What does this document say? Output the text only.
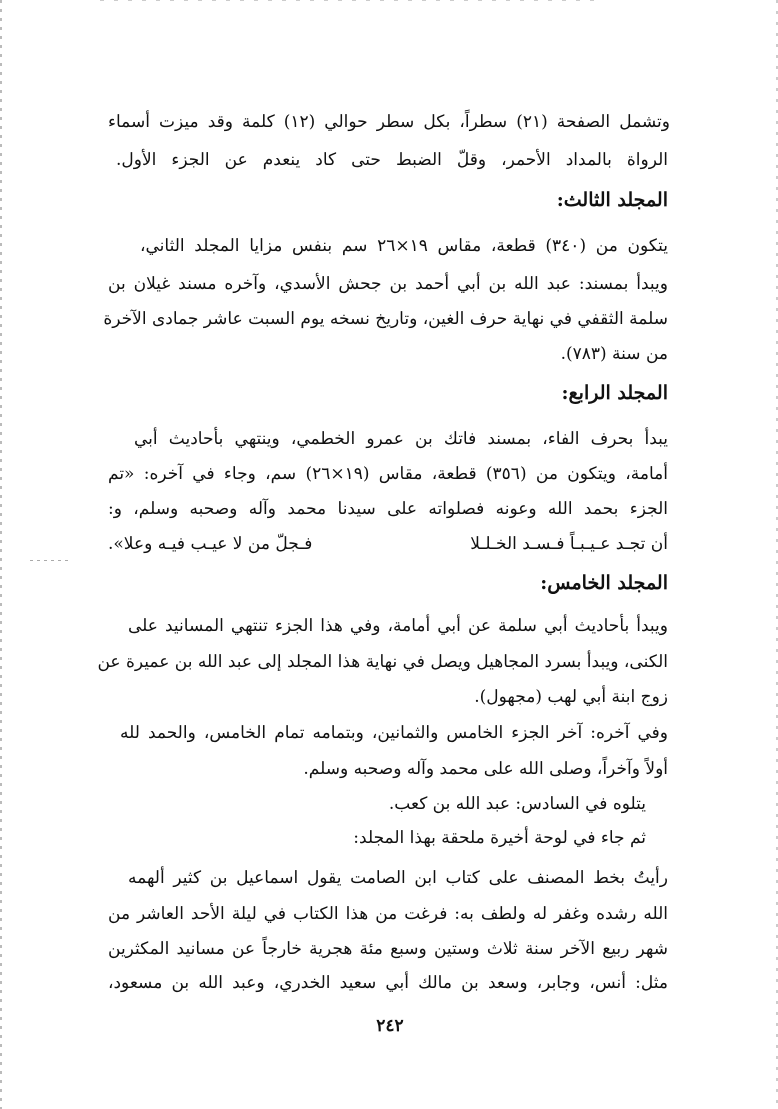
وتشمل الصفحة (٢١) سطراً، بكل سطر حوالي (١٢) كلمة وقد ميزت أسماء
الرواة بالمداد الأحمر، وقلّ الضبط حتى كاد ينعدم عن الجزء الأول.
المجلد الثالث:
يتكون من (٣٤٠) قطعة، مقاس ١٩×٢٦ سم بنفس مزايا المجلد الثاني،
ويبدأ بمسند: عبد الله بن أبي أحمد بن جحش الأسدي، وآخره مسند غيلان بن
سلمة الثقفي في نهاية حرف الغين، وتاريخ نسخه يوم السبت عاشر جمادى الآخرة
من سنة (٧٨٣).
المجلد الرابع:
يبدأ بحرف الفاء، بمسند فاتك بن عمرو الخطمي، وينتهي بأحاديث أبي
أمامة، ويتكون من (٣٥٦) قطعة، مقاس (١٩×٢٦) سم، وجاء في آخره: «تم
الجزء بحمد الله وعونه فصلواته على سيدنا محمد وآله وصحبه وسلم، و:
أن تجـد عـيـبـاً فـسـد الخـلـلا
فـجلّ من لا عيـب فيـه وعلا».
المجلد الخامس:
ويبدأ بأحاديث أبي سلمة عن أبي أمامة، وفي هذا الجزء تنتهي المسانيد على
الكنى، ويبدأ بسرد المجاهيل ويصل في نهاية هذا المجلد إلى عبد الله بن عميرة عن
زوج ابنة أبي لهب (مجهول).
وفي آخره: آخر الجزء الخامس والثمانين، وبتمامه تمام الخامس، والحمد لله
أولاً وآخراً، وصلى الله على محمد وآله وصحبه وسلم.
يتلوه في السادس: عبد الله بن كعب.
ثم جاء في لوحة أخيرة ملحقة بهذا المجلد:
رأيتُ بخط المصنف على كتاب ابن الصامت يقول اسماعيل بن كثير ألهمه
الله رشده وغفر له ولطف به: فرغت من هذا الكتاب في ليلة الأحد العاشر من
شهر ربيع الآخر سنة ثلاث وستين وسبع مئة هجرية خارجاً عن مسانيد المكثرين
مثل: أنس، وجابر، وسعد بن مالك أبي سعيد الخدري، وعبد الله بن مسعود،
٢٤٢
